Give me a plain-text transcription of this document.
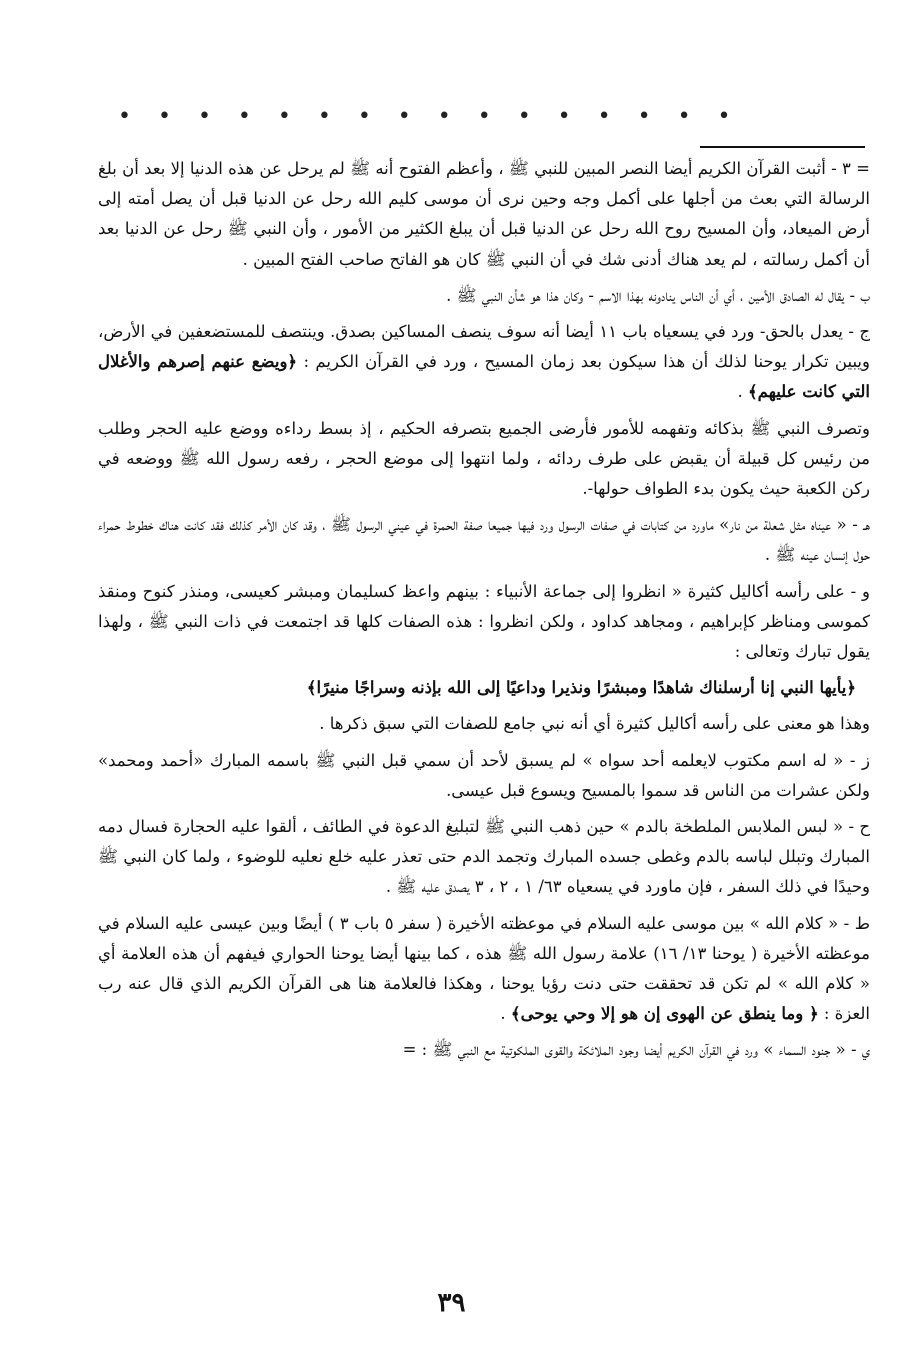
• • • • • • • • • • • • • • • •

= ٣ - أثبت القرآن الكريم أيضا النصر المبين للنبي ﷺ ، وأعظم الفتوح أنه ﷺ لم يرحل عن هذه الدنيا إلا بعد أن بلغ الرسالة التي بعث من أجلها على أكمل وجه وحين نرى أن موسى كليم الله رحل عن الدنيا قبل أن يصل أمته إلى أرض الميعاد، وأن المسيح روح الله رحل عن الدنيا قبل أن يبلغ الكثير من الأمور ، وأن النبي ﷺ رحل عن الدنيا بعد أن أكمل رسالته ، لم يعد هناك أدنى شك في أن النبي ﷺ كان هو الفاتح صاحب الفتح المبين .

ب - يقال له الصادق الأمين ، أي أن الناس ينادونه بهذا الاسم - وكان هذا هو شأن النبي ﷺ .

ج - يعدل بالحق- ورد في يسعياه باب ١١ أيضا أنه سوف ينصف المساكين بصدق. وينتصف للمستضعفين في الأرض، ويبين تكرار يوحنا لذلك أن هذا سيكون بعد زمان المسيح ، ورد في القرآن الكريم : ﴿ويضع عنهم إصرهم والأغلال التي كانت عليهم﴾ .

وتصرف النبي ﷺ بذكائه وتفهمه للأمور فأرضى الجميع بتصرفه الحكيم ، إذ بسط رداءه ووضع عليه الحجر وطلب من رئيس كل قبيلة أن يقبض على طرف ردائه ، ولما انتهوا إلى موضع الحجر ، رفعه رسول الله ﷺ ووضعه في ركن الكعبة حيث يكون بدء الطواف حولها-.

هـ - « عيناه مثل شعلة من نار» ماورد من كتابات في صفات الرسول ورد فيها جميعا صفة الحمرة في عيني الرسول ﷺ ، وقد كان الأمر كذلك فقد كانت هناك خطوط حمراء حول إنسان عينه ﷺ .

و - على رأسه أكاليل كثيرة « انظروا إلى جماعة الأنبياء : بينهم واعظ كسليمان ومبشر كعيسى، ومنذر كنوح ومنقذ كموسى ومناظر كإبراهيم ، ومجاهد كداود ، ولكن انظروا : هذه الصفات كلها قد اجتمعت في ذات النبي ﷺ ، ولهذا يقول تبارك وتعالى :

﴿يأيها النبي إنا أرسلناك شاهدًا ومبشرًا ونذيرا وداعيًا إلى الله بإذنه وسراجًا منيرًا﴾

وهذا هو معنى على رأسه أكاليل كثيرة أي أنه نبي جامع للصفات التي سبق ذكرها .

ز - « له اسم مكتوب لايعلمه أحد سواه » لم يسبق لأحد أن سمي قبل النبي ﷺ باسمه المبارك «أحمد ومحمد» ولكن عشرات من الناس قد سموا بالمسيح ويسوع قبل عيسى.

ح - « لبس الملابس الملطخة بالدم » حين ذهب النبي ﷺ لتبليغ الدعوة في الطائف ، ألقوا عليه الحجارة فسال دمه المبارك وتبلل لباسه بالدم وغطى جسده المبارك وتجمد الدم حتى تعذر عليه خلع نعليه للوضوء ، ولما كان النبي ﷺ وحيدًا في ذلك السفر ، فإن ماورد في يسعياه ٦٣/ ١ ، ٢ ، ٣ يصدق عليه ﷺ .

ط - « كلام الله » بين موسى عليه السلام في موعظته الأخيرة ( سفر ٥ باب ٣ ) أيضًا وبين عيسى عليه السلام في موعظته الأخيرة ( يوحنا ١٣/ ١٦) علامة رسول الله ﷺ هذه ، كما بينها أيضا يوحنا الحواري فيفهم أن هذه العلامة أي « كلام الله » لم تكن قد تحققت حتى دنت رؤيا يوحنا ، وهكذا فالعلامة هنا هى القرآن الكريم الذي قال عنه رب العزة : ﴿ وما ينطق عن الهوى إن هو إلا وحي يوحى﴾ .

ي - « جنود السماء » ورد في القرآن الكريم أيضا وجود الملائكة والقوى الملكوتية مع النبي ﷺ : =

٣٩
